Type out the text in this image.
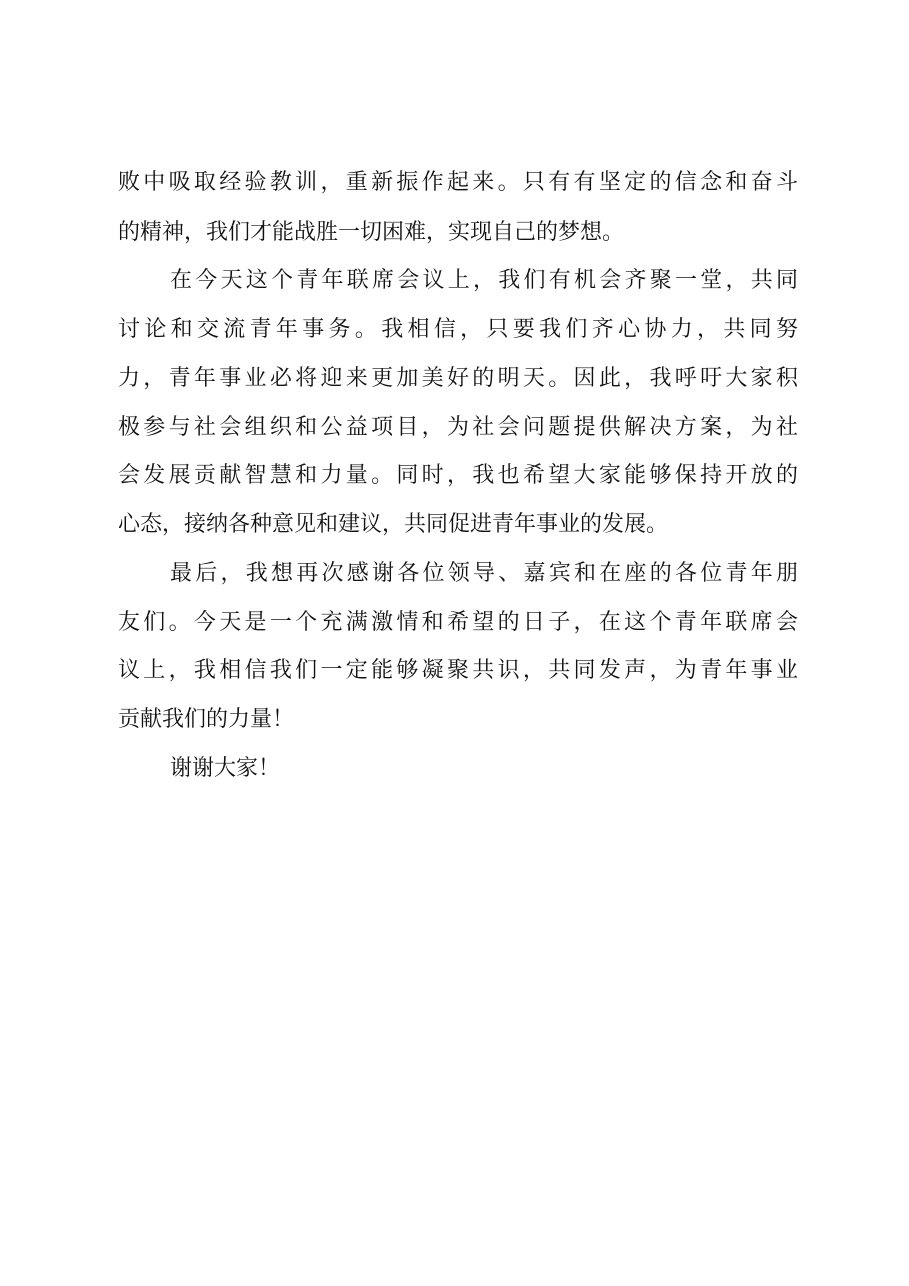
败中吸取经验教训，重新振作起来。只有有坚定的信念和奋斗
的精神，我们才能战胜一切困难，实现自己的梦想。
在今天这个青年联席会议上，我们有机会齐聚一堂，共同
讨论和交流青年事务。我相信，只要我们齐心协力，共同努
力，青年事业必将迎来更加美好的明天。因此，我呼吁大家积
极参与社会组织和公益项目，为社会问题提供解决方案，为社
会发展贡献智慧和力量。同时，我也希望大家能够保持开放的
心态，接纳各种意见和建议，共同促进青年事业的发展。
最后，我想再次感谢各位领导、嘉宾和在座的各位青年朋
友们。今天是一个充满激情和希望的日子，在这个青年联席会
议上，我相信我们一定能够凝聚共识，共同发声，为青年事业
贡献我们的力量！
谢谢大家！
